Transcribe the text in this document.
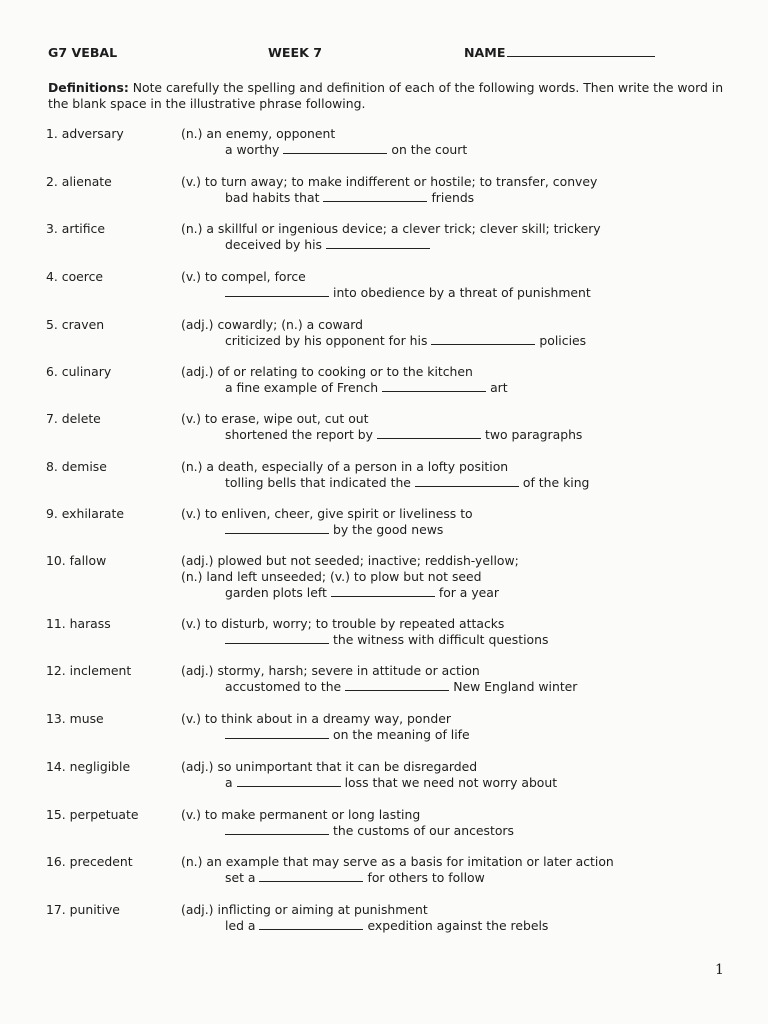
G7 VEBAL	WEEK 7	NAME
Definitions: Note carefully the spelling and definition of each of the following words. Then write the word in the blank space in the illustrative phrase following.
1. adversary	(n.) an enemy, opponent
a worthy	on the court
2. alienate	(v.) to turn away; to make indifferent or hostile; to transfer, convey
bad habits that	friends
3. artifice	(n.) a skillful or ingenious device; a clever trick; clever skill; trickery
deceived by his
4. coerce	(v.) to compel, force
into obedience by a threat of punishment
5. craven	(adj.) cowardly; (n.) a coward
criticized by his opponent for his	policies
6. culinary	(adj.) of or relating to cooking or to the kitchen
a fine example of French	art
7. delete	(v.) to erase, wipe out, cut out
shortened the report by	two paragraphs
8. demise	(n.) a death, especially of a person in a lofty position
tolling bells that indicated the	of the king
9. exhilarate	(v.) to enliven, cheer, give spirit or liveliness to
by the good news
10. fallow	(adj.) plowed but not seeded; inactive; reddish-yellow;
(n.) land left unseeded; (v.) to plow but not seed
garden plots left	for a year
11. harass	(v.) to disturb, worry; to trouble by repeated attacks
the witness with difficult questions
12. inclement	(adj.) stormy, harsh; severe in attitude or action
accustomed to the	New England winter
13. muse	(v.) to think about in a dreamy way, ponder
on the meaning of life
14. negligible	(adj.) so unimportant that it can be disregarded
a	loss that we need not worry about
15. perpetuate	(v.) to make permanent or long lasting
the customs of our ancestors
16. precedent	(n.) an example that may serve as a basis for imitation or later action
set a	for others to follow
17. punitive	(adj.) inflicting or aiming at punishment
led a	expedition against the rebels
1
